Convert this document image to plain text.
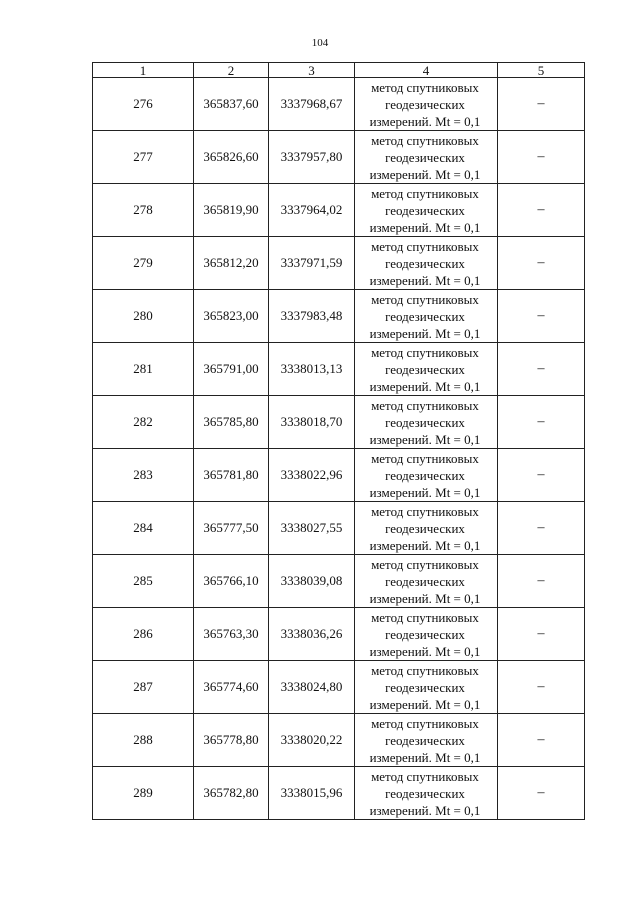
104
1	2	3	4	5
276	365837,60	3337968,67	метод спутниковых геодезических измерений. Mt = 0,1	–
277	365826,60	3337957,80	метод спутниковых геодезических измерений. Mt = 0,1	–
278	365819,90	3337964,02	метод спутниковых геодезических измерений. Mt = 0,1	–
279	365812,20	3337971,59	метод спутниковых геодезических измерений. Mt = 0,1	–
280	365823,00	3337983,48	метод спутниковых геодезических измерений. Mt = 0,1	–
281	365791,00	3338013,13	метод спутниковых геодезических измерений. Mt = 0,1	–
282	365785,80	3338018,70	метод спутниковых геодезических измерений. Mt = 0,1	–
283	365781,80	3338022,96	метод спутниковых геодезических измерений. Mt = 0,1	–
284	365777,50	3338027,55	метод спутниковых геодезических измерений. Mt = 0,1	–
285	365766,10	3338039,08	метод спутниковых геодезических измерений. Mt = 0,1	–
286	365763,30	3338036,26	метод спутниковых геодезических измерений. Mt = 0,1	–
287	365774,60	3338024,80	метод спутниковых геодезических измерений. Mt = 0,1	–
288	365778,80	3338020,22	метод спутниковых геодезических измерений. Mt = 0,1	–
289	365782,80	3338015,96	метод спутниковых геодезических измерений. Mt = 0,1	–
